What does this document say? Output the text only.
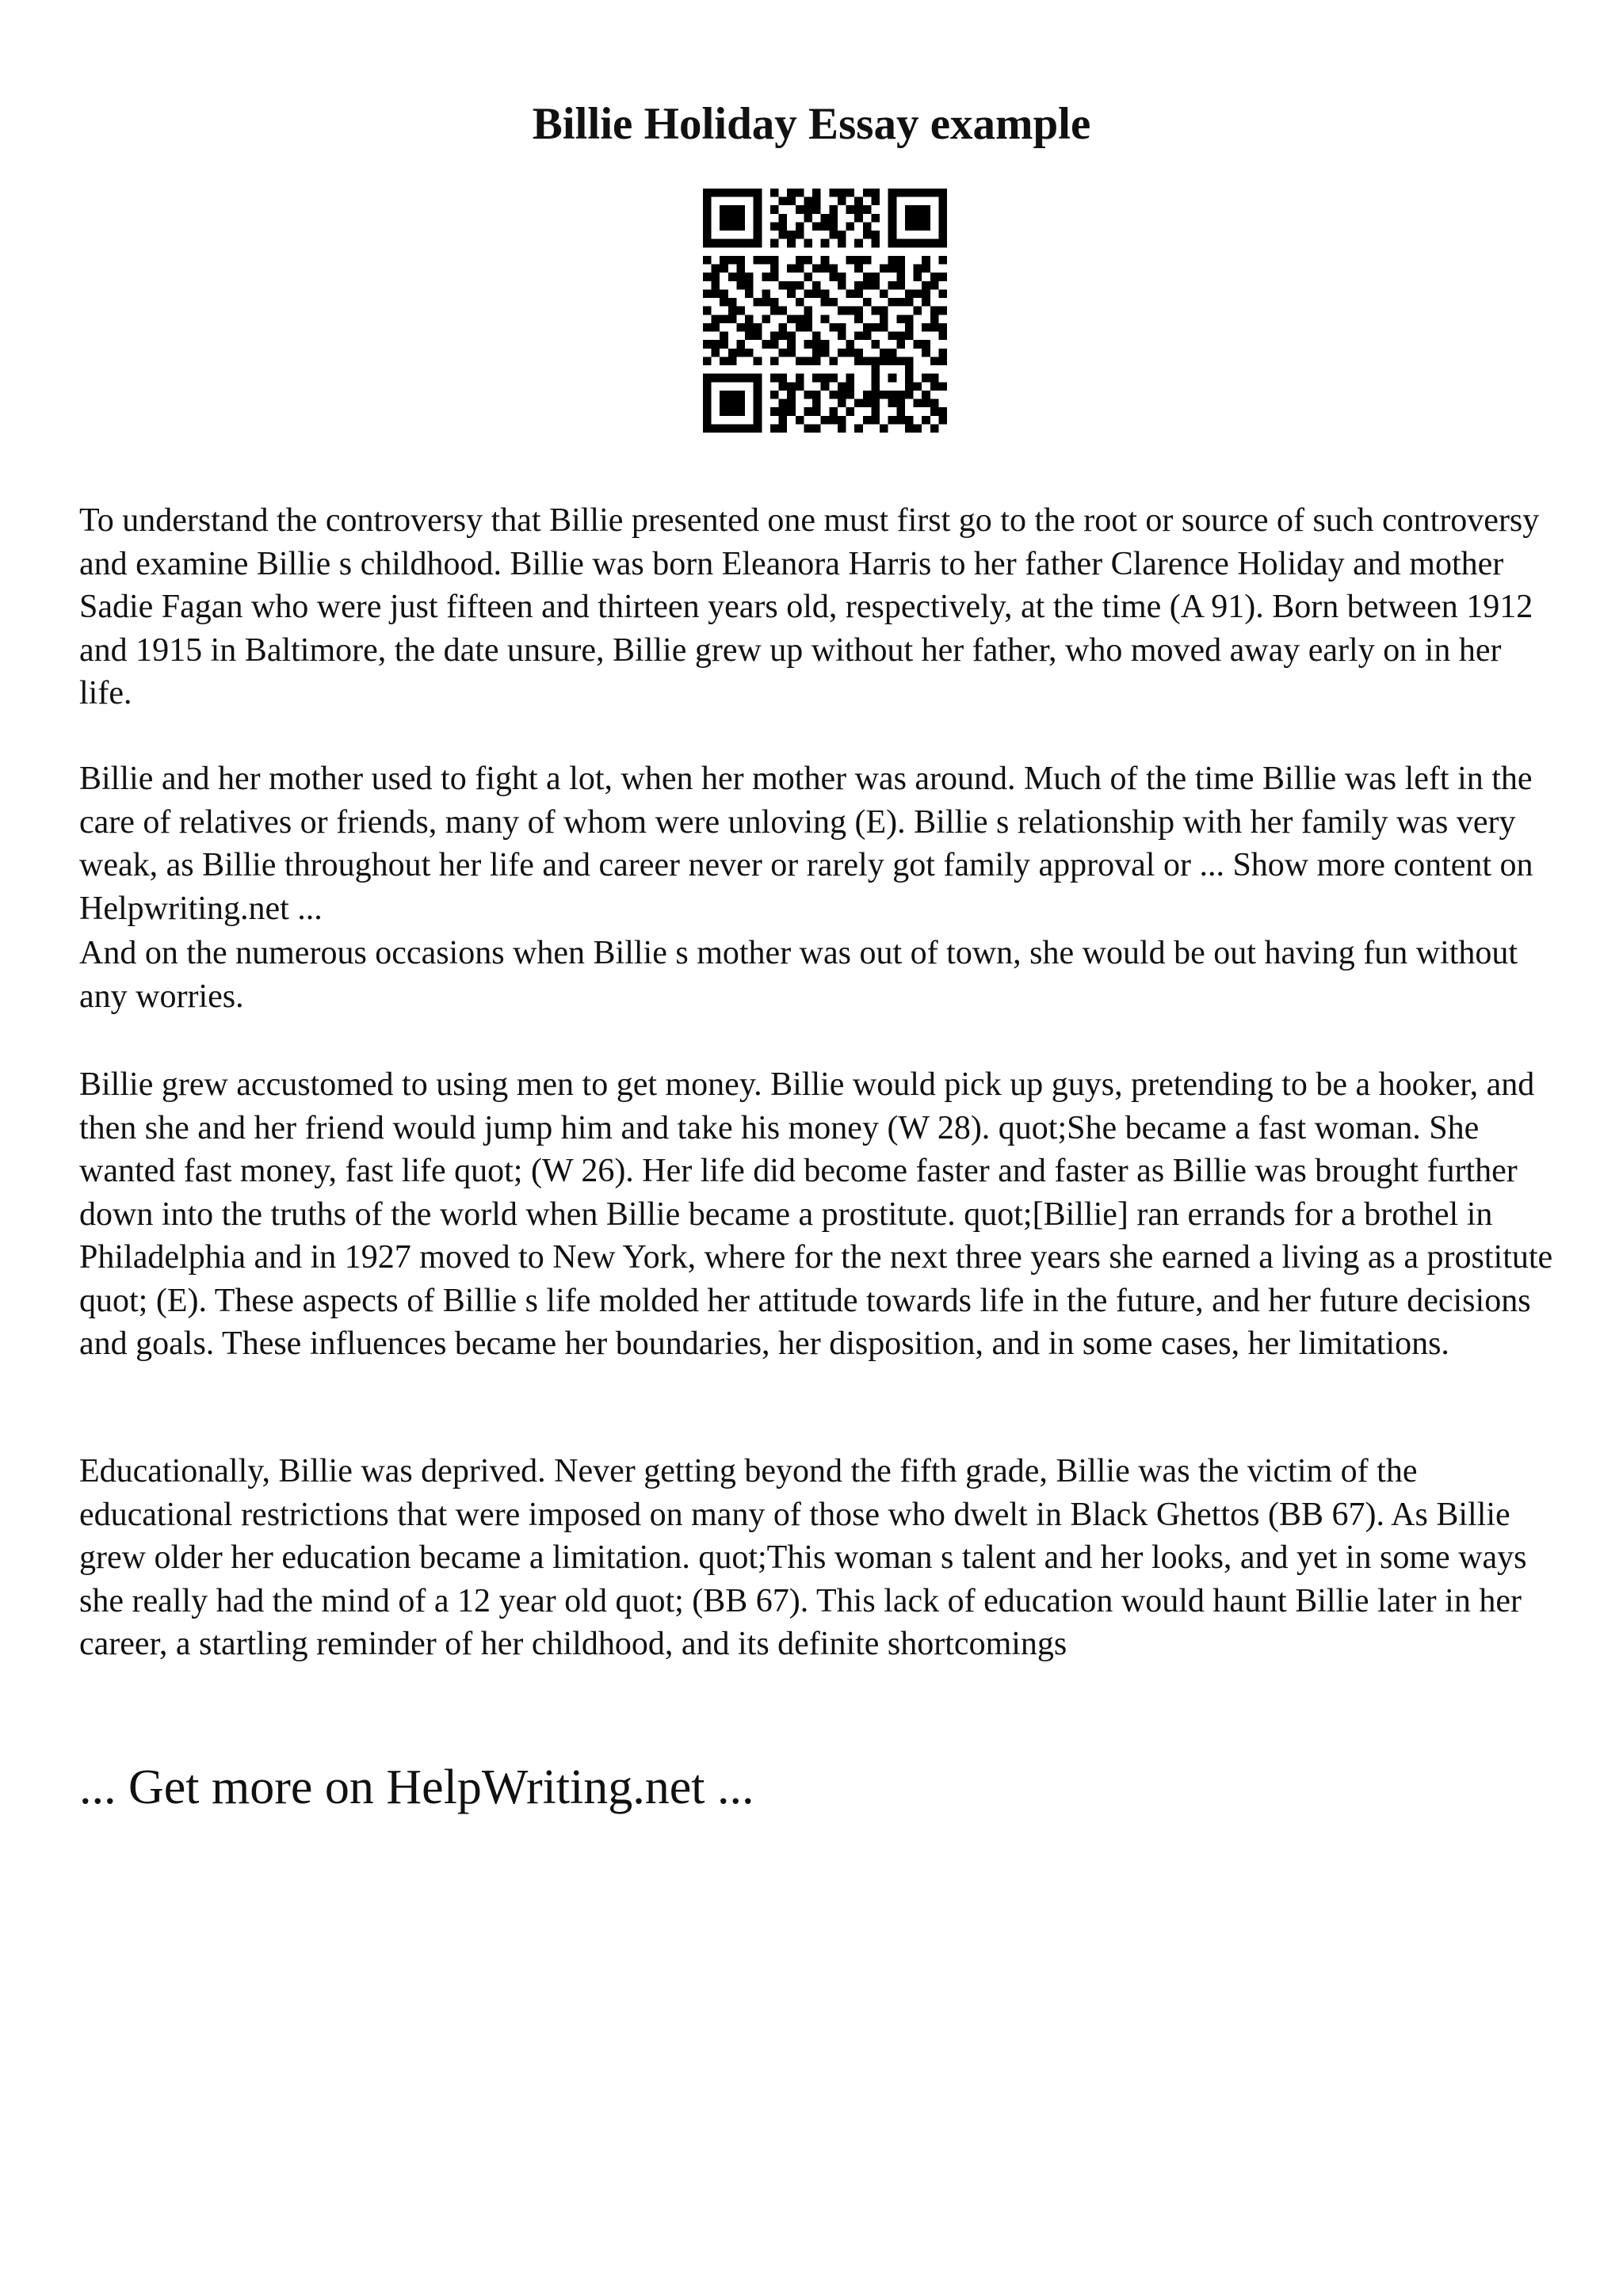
Billie Holiday Essay example

To understand the controversy that Billie presented one must first go to the root or source of such controversy and examine Billie s childhood. Billie was born Eleanora Harris to her father Clarence Holiday and mother Sadie Fagan who were just fifteen and thirteen years old, respectively, at the time (A 91). Born between 1912 and 1915 in Baltimore, the date unsure, Billie grew up without her father, who moved away early on in her life.

Billie and her mother used to fight a lot, when her mother was around. Much of the time Billie was left in the care of relatives or friends, many of whom were unloving (E). Billie s relationship with her family was very weak, as Billie throughout her life and career never or rarely got family approval or ... Show more content on Helpwriting.net ...

And on the numerous occasions when Billie s mother was out of town, she would be out having fun without any worries.

Billie grew accustomed to using men to get money. Billie would pick up guys, pretending to be a hooker, and then she and her friend would jump him and take his money (W 28). quot;She became a fast woman. She wanted fast money, fast life quot; (W 26). Her life did become faster and faster as Billie was brought further down into the truths of the world when Billie became a prostitute. quot;[Billie] ran errands for a brothel in Philadelphia and in 1927 moved to New York, where for the next three years she earned a living as a prostitute quot; (E). These aspects of Billie s life molded her attitude towards life in the future, and her future decisions and goals. These influences became her boundaries, her disposition, and in some cases, her limitations.

Educationally, Billie was deprived. Never getting beyond the fifth grade, Billie was the victim of the educational restrictions that were imposed on many of those who dwelt in Black Ghettos (BB 67). As Billie grew older her education became a limitation. quot;This woman s talent and her looks, and yet in some ways she really had the mind of a 12 year old quot; (BB 67). This lack of education would haunt Billie later in her career, a startling reminder of her childhood, and its definite shortcomings

... Get more on HelpWriting.net ...
